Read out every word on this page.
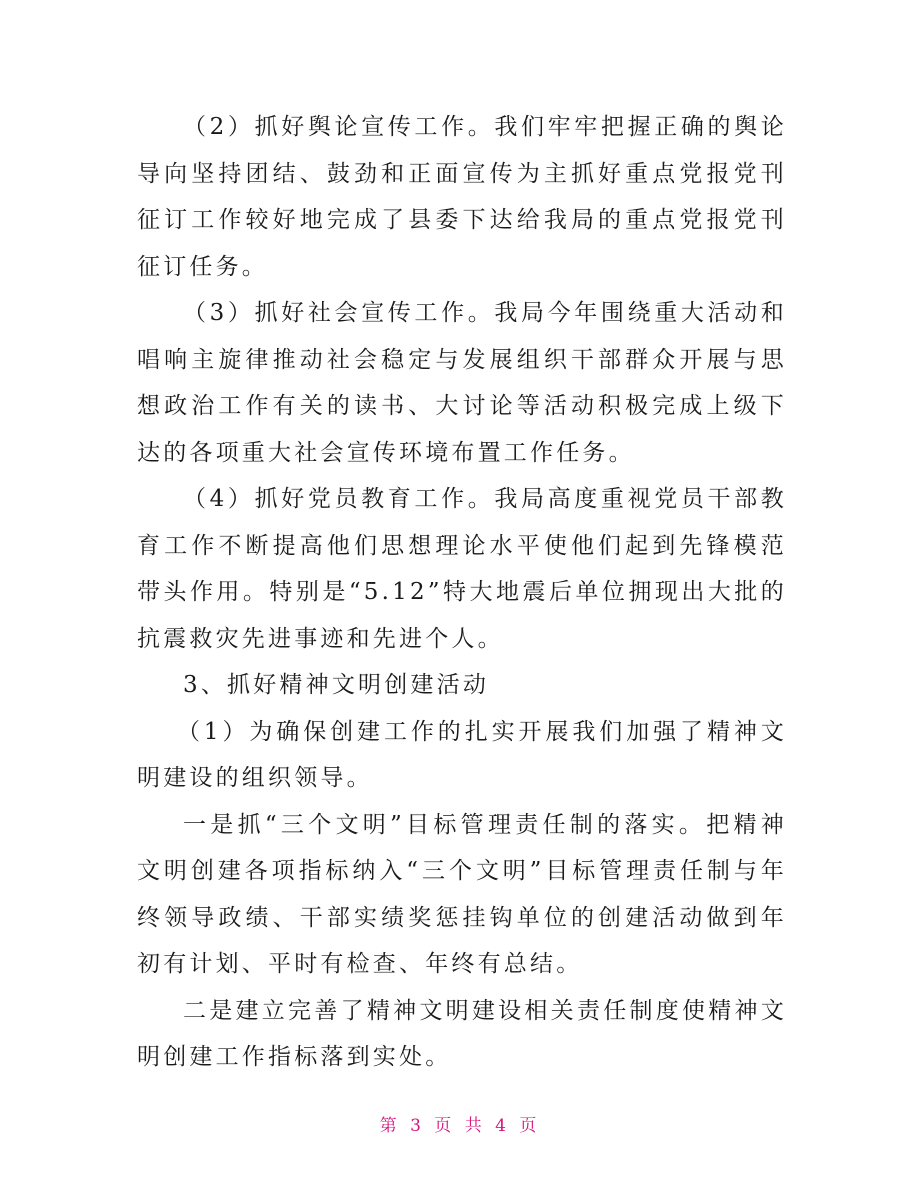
（2）抓好舆论宣传工作。我们牢牢把握正确的舆论导向坚持团结、鼓劲和正面宣传为主抓好重点党报党刊征订工作较好地完成了县委下达给我局的重点党报党刊征订任务。

（3）抓好社会宣传工作。我局今年围绕重大活动和唱响主旋律推动社会稳定与发展组织干部群众开展与思想政治工作有关的读书、大讨论等活动积极完成上级下达的各项重大社会宣传环境布置工作任务。

（4）抓好党员教育工作。我局高度重视党员干部教育工作不断提高他们思想理论水平使他们起到先锋模范带头作用。特别是“5.12”特大地震后单位拥现出大批的抗震救灾先进事迹和先进个人。

3、抓好精神文明创建活动

（1）为确保创建工作的扎实开展我们加强了精神文明建设的组织领导。

一是抓“三个文明”目标管理责任制的落实。把精神文明创建各项指标纳入“三个文明”目标管理责任制与年终领导政绩、干部实绩奖惩挂钩单位的创建活动做到年初有计划、平时有检查、年终有总结。

二是建立完善了精神文明建设相关责任制度使精神文明创建工作指标落到实处。

第 3 页 共 4 页
